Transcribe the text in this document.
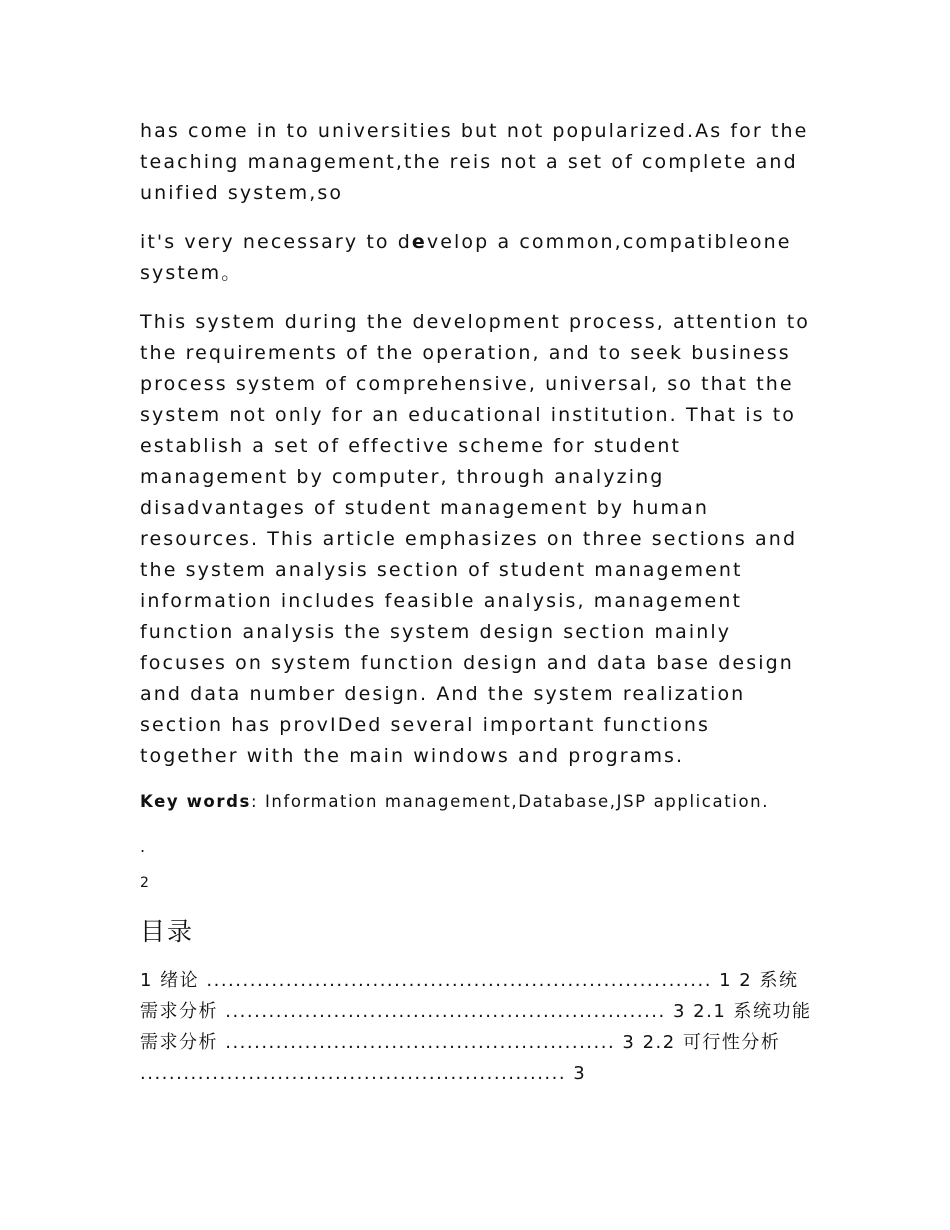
has come in to universities but not popularized.As for the teaching management,the reis not a set of complete and unified system,so

it's very necessary to develop a common,compatibleone system。

This system during the development process, attention to the requirements of the operation, and to seek business process system of comprehensive, universal, so that the system not only for an educational institution. That is to establish a set of effective scheme for student management by computer, through analyzing disadvantages of student management by human resources. This article emphasizes on three sections and the system analysis section of student management information includes feasible analysis, management function analysis the system design section mainly focuses on system function design and data base design and data number design. And the system realization section has provIDed several important functions together with the main windows and programs.

Key words: Information management,Database,JSP application.
.
2
目录
1 绪论 ...................................................................... 1 2 系统需求分析 ............................................................. 3 2.1 系统功能需求分析 ...................................................... 3 2.2 可行性分析 ........................................................... 3
